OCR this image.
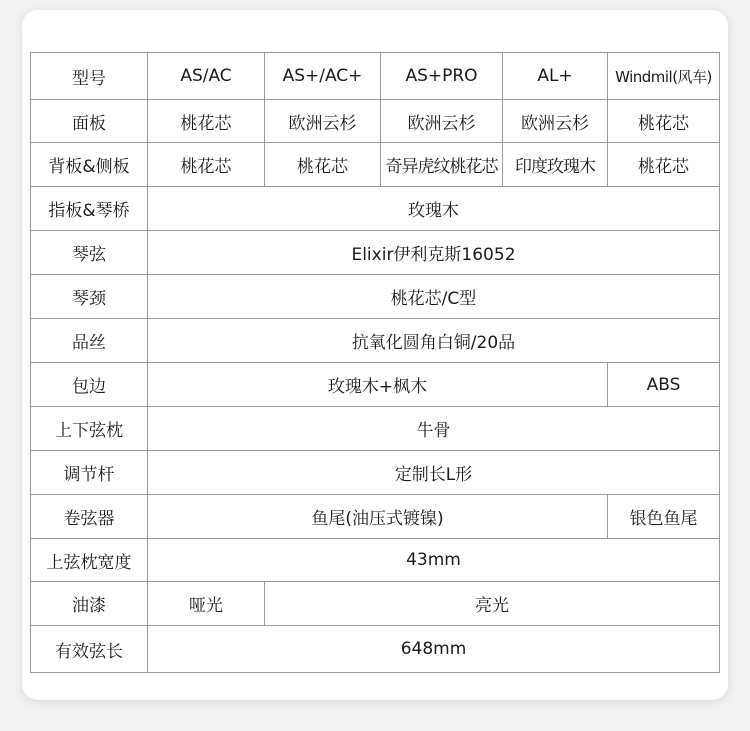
型号	AS/AC	AS+/AC+	AS+PRO	AL+	Windmil(风车)
面板	桃花芯	欧洲云杉	欧洲云杉	欧洲云杉	桃花芯
背板&侧板	桃花芯	桃花芯	奇异虎纹桃花芯	印度玫瑰木	桃花芯
指板&琴桥	玫瑰木				
琴弦	Elixir伊利克斯16052				
琴颈	桃花芯/C型				
品丝	抗氧化圆角白铜/20品				
包边	玫瑰木+枫木				ABS
上下弦枕	牛骨				
调节杆	定制长L形				
卷弦器	鱼尾(油压式镀镍)				银色鱼尾
上弦枕宽度	43mm				
油漆	哑光	亮光			
有效弦长	648mm				
